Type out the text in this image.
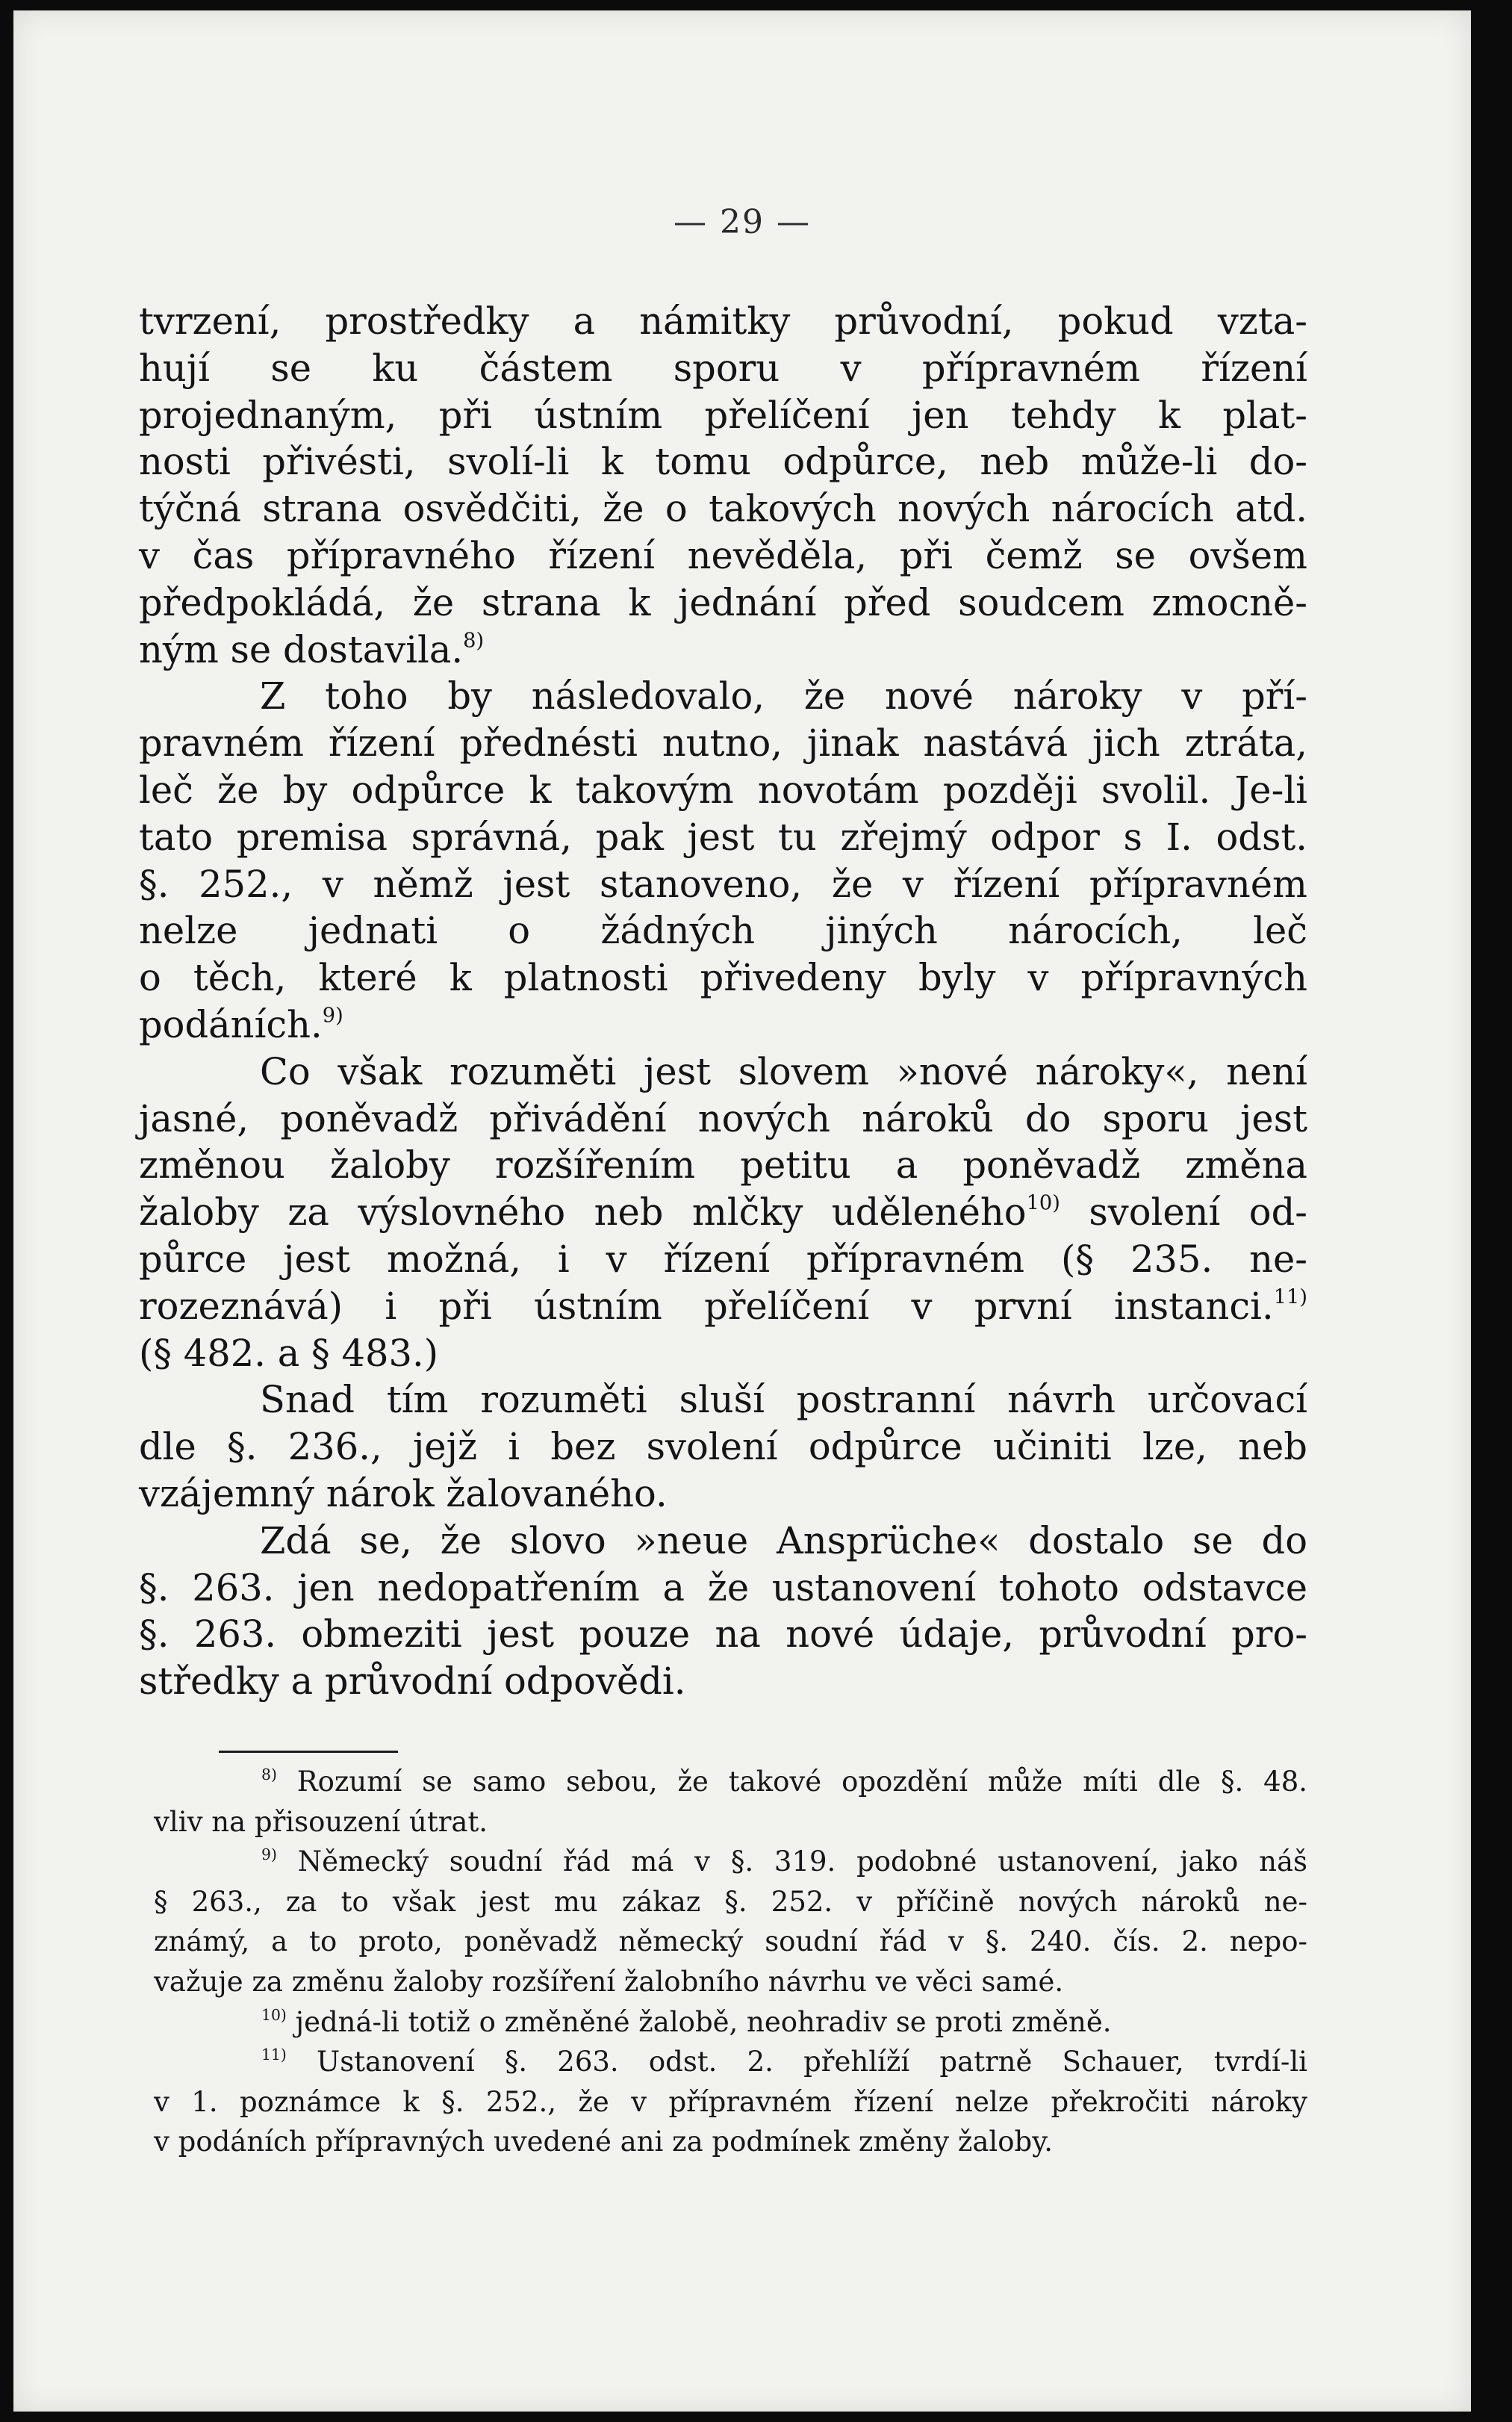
— 29 —
tvrzení, prostředky a námitky průvodní, pokud vzta-
hují se ku částem sporu v přípravném řízení
projednaným, při ústním přelíčení jen tehdy k plat-
nosti přivésti, svolí-li k tomu odpůrce, neb může-li do-
týčná strana osvědčiti, že o takových nových nárocích atd.
v čas přípravného řízení nevěděla, při čemž se ovšem
předpokládá, že strana k jednání před soudcem zmocně-
ným se dostavila.$^{8)}$
Z toho by následovalo, že nové nároky v pří-
pravném řízení přednésti nutno, jinak nastává jich ztráta,
leč že by odpůrce k takovým novotám později svolil. Je-li
tato premisa správná, pak jest tu zřejmý odpor s I. odst.
§. 252., v němž jest stanoveno, že v řízení přípravném
nelze jednati o žádných jiných nárocích, leč
o těch, které k platnosti přivedeny byly v přípravných
podáních.$^{9)}$
Co však rozuměti jest slovem »nové nároky«, není
jasné, poněvadž přivádění nových nároků do sporu jest
změnou žaloby rozšířením petitu a poněvadž změna
žaloby za výslovného neb mlčky uděleného$^{10)}$ svolení od-
půrce jest možná, i v řízení přípravném (§ 235. ne-
rozeznává) i při ústním přelíčení v první instanci.$^{11)}$
(§ 482. a § 483.)
Snad tím rozuměti sluší postranní návrh určovací
dle §. 236., jejž i bez svolení odpůrce učiniti lze, neb
vzájemný nárok žalovaného.
Zdá se, že slovo »neue Ansprüche« dostalo se do
§. 263. jen nedopatřením a že ustanovení tohoto odstavce
§. 263. obmeziti jest pouze na nové údaje, průvodní pro-
středky a průvodní odpovědi.
$^{8)}$ Rozumí se samo sebou, že takové opozdění může míti dle §. 48.
vliv na přisouzení útrat.
$^{9)}$ Německý soudní řád má v §. 319. podobné ustanovení, jako náš
§ 263., za to však jest mu zákaz §. 252. v příčině nových nároků ne-
známý, a to proto, poněvadž německý soudní řád v §. 240. čís. 2. nepo-
važuje za změnu žaloby rozšíření žalobního návrhu ve věci samé.
$^{10)}$ jedná-li totiž o změněné žalobě, neohradiv se proti změně.
$^{11)}$ Ustanovení §. 263. odst. 2. přehlíží patrně Schauer, tvrdí-li
v 1. poznámce k §. 252., že v přípravném řízení nelze překročiti nároky
v podáních přípravných uvedené ani za podmínek změny žaloby.
